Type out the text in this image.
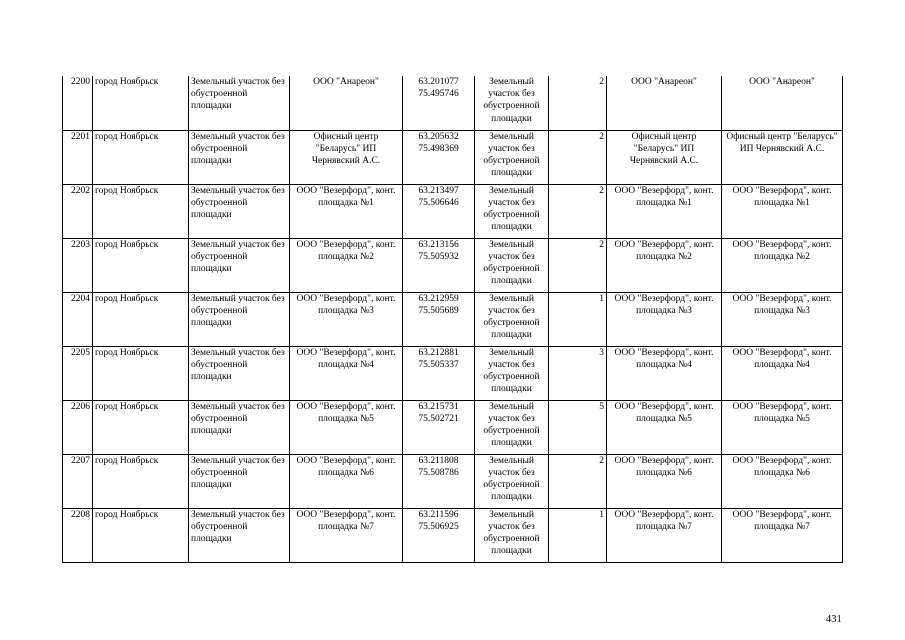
2200	город Ноябрьск	Земельный участок без обустроенной площадки	ООО "Анареон"	63.201077 75.495746	Земельный участок без обустроенной площадки	2	ООО "Анареон"	ООО "Анареон"
2201	город Ноябрьск	Земельный участок без обустроенной площадки	Офисный центр "Беларусь" ИП Чернявский А.С.	63.205632 75.498369	Земельный участок без обустроенной площадки	2	Офисный центр "Беларусь" ИП Чернявский А.С.	Офисный центр "Беларусь" ИП Чернявский А.С.
2202	город Ноябрьск	Земельный участок без обустроенной площадки	ООО "Везерфорд", конт. площадка №1	63.213497 75.506646	Земельный участок без обустроенной площадки	2	ООО "Везерфорд", конт. площадка №1	ООО "Везерфорд", конт. площадка №1
2203	город Ноябрьск	Земельный участок без обустроенной площадки	ООО "Везерфорд", конт. площадка №2	63.213156 75.505932	Земельный участок без обустроенной площадки	2	ООО "Везерфорд", конт. площадка №2	ООО "Везерфорд", конт. площадка №2
2204	город Ноябрьск	Земельный участок без обустроенной площадки	ООО "Везерфорд", конт. площадка №3	63.212959 75.505689	Земельный участок без обустроенной площадки	1	ООО "Везерфорд", конт. площадка №3	ООО "Везерфорд", конт. площадка №3
2205	город Ноябрьск	Земельный участок без обустроенной площадки	ООО "Везерфорд", конт. площадка №4	63.212881 75.505337	Земельный участок без обустроенной площадки	3	ООО "Везерфорд", конт. площадка №4	ООО "Везерфорд", конт. площадка №4
2206	город Ноябрьск	Земельный участок без обустроенной площадки	ООО "Везерфорд", конт. площадка №5	63.215731 75.502721	Земельный участок без обустроенной площадки	5	ООО "Везерфорд", конт. площадка №5	ООО "Везерфорд", конт. площадка №5
2207	город Ноябрьск	Земельный участок без обустроенной площадки	ООО "Везерфорд", конт. площадка №6	63.211808 75.508786	Земельный участок без обустроенной площадки	2	ООО "Везерфорд", конт. площадка №6	ООО "Везерфорд", конт. площадка №6
2208	город Ноябрьск	Земельный участок без обустроенной площадки	ООО "Везерфорд", конт. площадка №7	63.211596 75.506925	Земельный участок без обустроенной площадки	1	ООО "Везерфорд", конт. площадка №7	ООО "Везерфорд", конт. площадка №7
431
